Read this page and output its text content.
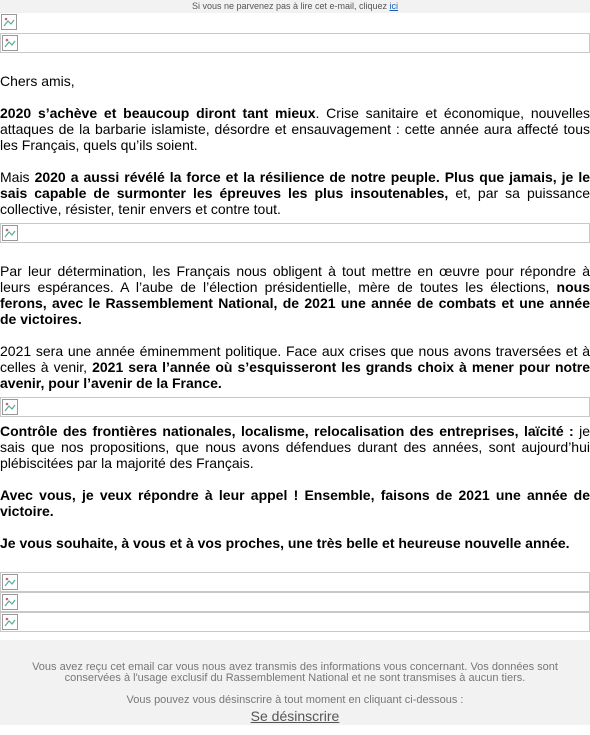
Si vous ne parvenez pas à lire cet e-mail, cliquez ici

Chers amis,

2020 s’achève et beaucoup diront tant mieux. Crise sanitaire et économique, nouvelles attaques de la barbarie islamiste, désordre et ensauvagement : cette année aura affecté tous les Français, quels qu’ils soient.

Mais 2020 a aussi révélé la force et la résilience de notre peuple. Plus que jamais, je le sais capable de surmonter les épreuves les plus insoutenables, et, par sa puissance collective, résister, tenir envers et contre tout.

Par leur détermination, les Français nous obligent à tout mettre en œuvre pour répondre à leurs espérances. A l’aube de l’élection présidentielle, mère de toutes les élections, nous ferons, avec le Rassemblement National, de 2021 une année de combats et une année de victoires.

2021 sera une année éminemment politique. Face aux crises que nous avons traversées et à celles à venir, 2021 sera l’année où s’esquisseront les grands choix à mener pour notre avenir, pour l’avenir de la France.

Contrôle des frontières nationales, localisme, relocalisation des entreprises, laïcité : je sais que nos propositions, que nous avons défendues durant des années, sont aujourd’hui plébiscitées par la majorité des Français.

Avec vous, je veux répondre à leur appel ! Ensemble, faisons de 2021 une année de victoire.

Je vous souhaite, à vous et à vos proches, une très belle et heureuse nouvelle année.

Vous avez reçu cet email car vous nous avez transmis des informations vous concernant. Vos données sont conservées à l'usage exclusif du Rassemblement National et ne sont transmises à aucun tiers.
Vous pouvez vous désinscrire à tout moment en cliquant ci-dessous :
Se désinscrire
